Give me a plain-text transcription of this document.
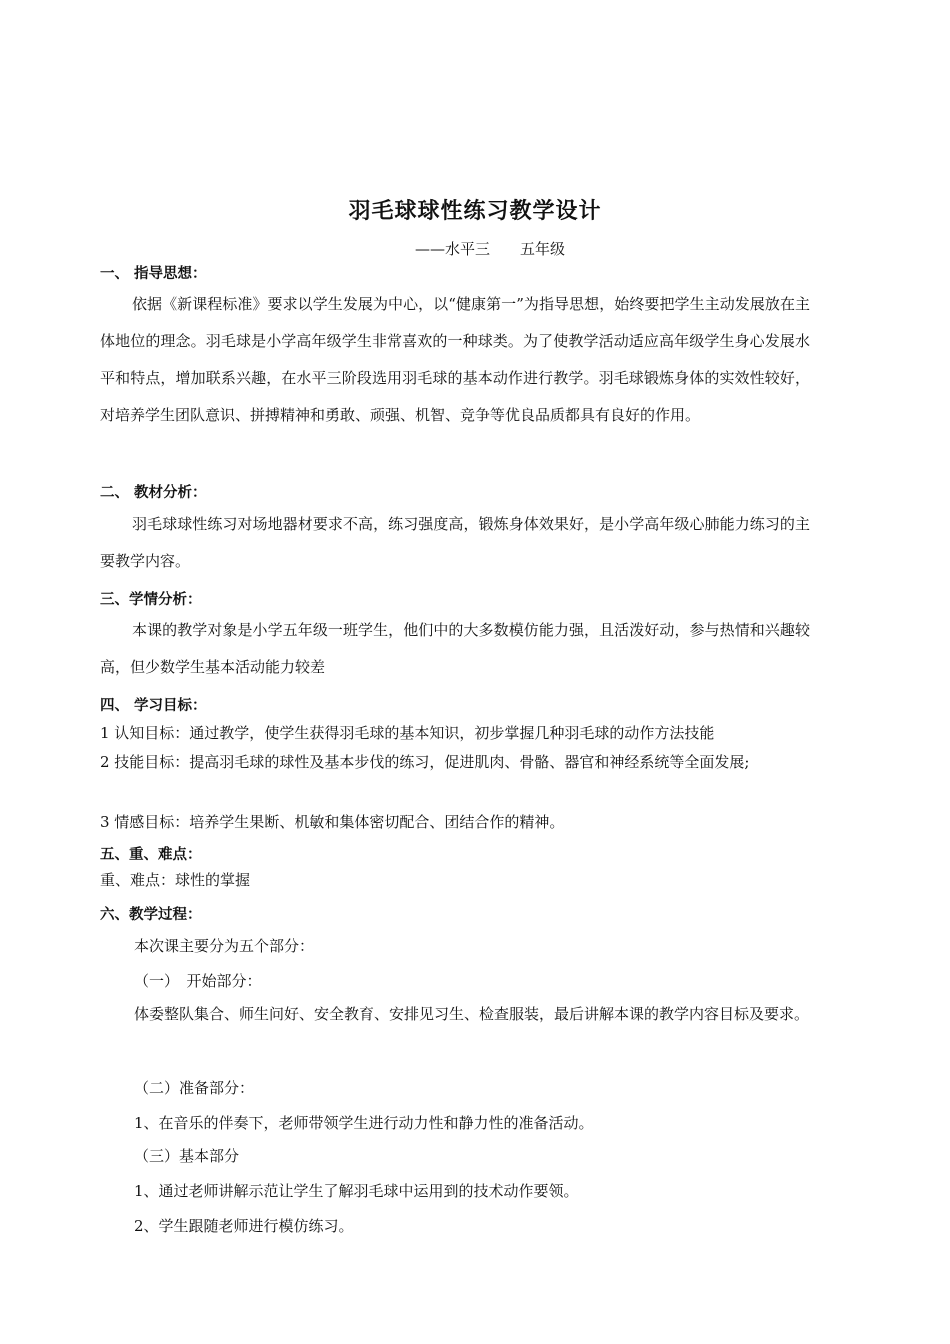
羽毛球球性练习教学设计
——水平三　　五年级
一、 指导思想：

依据《新课程标准》要求以学生发展为中心，以“健康第一”为指导思想，始终要把学生主动发展放在主体地位的理念。羽毛球是小学高年级学生非常喜欢的一种球类。为了使教学活动适应高年级学生身心发展水平和特点，增加联系兴趣，在水平三阶段选用羽毛球的基本动作进行教学。羽毛球锻炼身体的实效性较好，对培养学生团队意识、拼搏精神和勇敢、顽强、机智、竞争等优良品质都具有良好的作用。

二、 教材分析：

羽毛球球性练习对场地器材要求不高，练习强度高，锻炼身体效果好，是小学高年级心肺能力练习的主要教学内容。

三、学情分析：

本课的教学对象是小学五年级一班学生，他们中的大多数模仿能力强，且活泼好动，参与热情和兴趣较高，但少数学生基本活动能力较差

四、 学习目标：
1 认知目标：通过教学，使学生获得羽毛球的基本知识，初步掌握几种羽毛球的动作方法技能
2 技能目标：提高羽毛球的球性及基本步伐的练习，促进肌肉、骨骼、器官和神经系统等全面发展;
3 情感目标：培养学生果断、机敏和集体密切配合、团结合作的精神。
五、重、难点：
重、难点：球性的掌握
六、教学过程：
本次课主要分为五个部分：
（一）　开始部分：

体委整队集合、师生问好、安全教育、安排见习生、检查服装，最后讲解本课的教学内容目标及要求。

（二）准备部分：
1、在音乐的伴奏下，老师带领学生进行动力性和静力性的准备活动。
（三）基本部分
1、通过老师讲解示范让学生了解羽毛球中运用到的技术动作要领。
2、学生跟随老师进行模仿练习。
